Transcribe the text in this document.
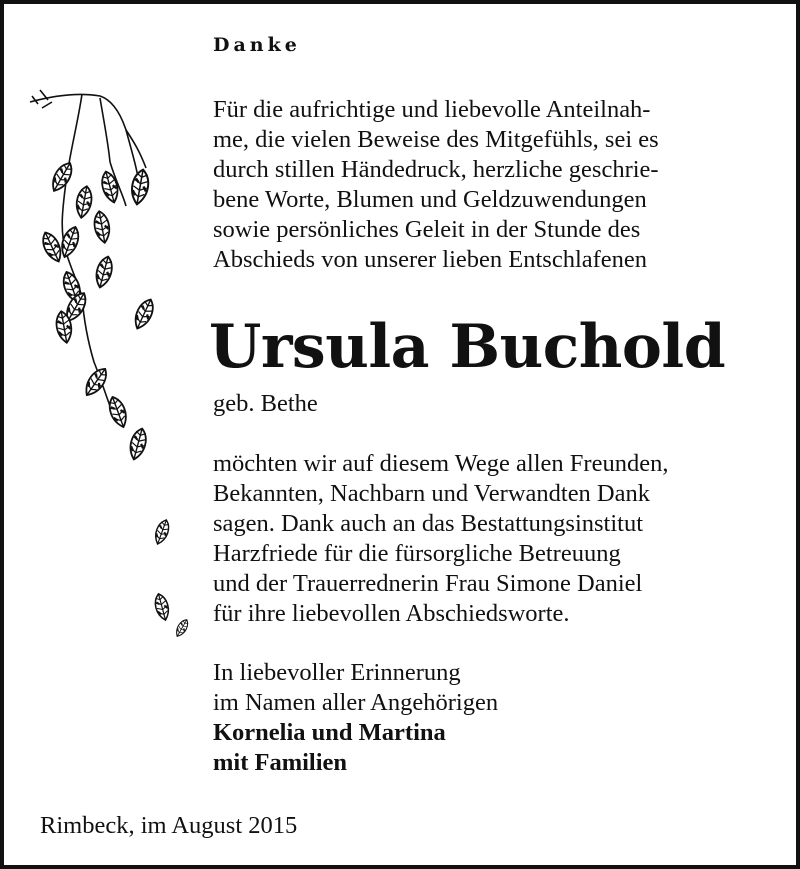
Danke

Für die aufrichtige und liebevolle Anteilnah-
me, die vielen Beweise des Mitgefühls, sei es
durch stillen Händedruck, herzliche geschrie-
bene Worte, Blumen und Geldzuwendungen
sowie persönliches Geleit in der Stunde des
Abschieds von unserer lieben Entschlafenen

Ursula Buchold

geb. Bethe

möchten wir auf diesem Wege allen Freunden,
Bekannten, Nachbarn und Verwandten Dank
sagen. Dank auch an das Bestattungsinstitut
Harzfriede für die fürsorgliche Betreuung
und der Trauerrednerin Frau Simone Daniel
für ihre liebevollen Abschiedsworte.

In liebevoller Erinnerung
im Namen aller Angehörigen
Kornelia und Martina
mit Familien

Rimbeck, im August 2015
